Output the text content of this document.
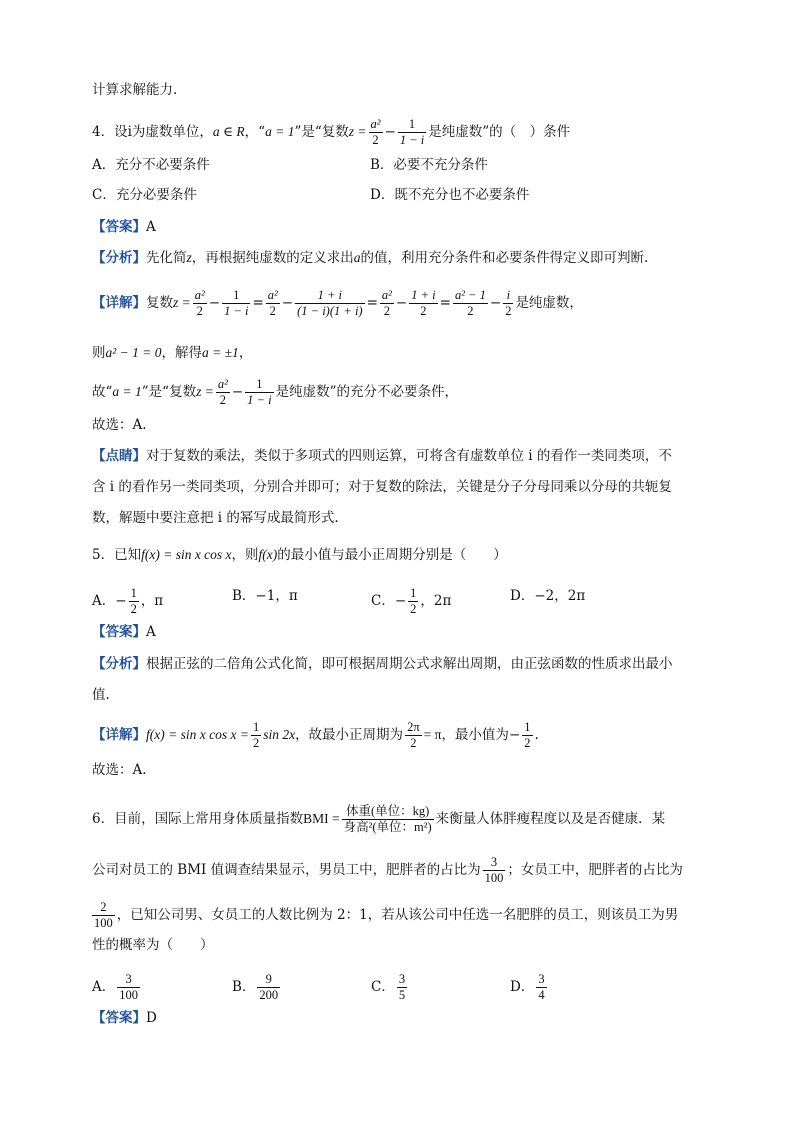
计算求解能力.
4．设i为虚数单位，a ∈ R，“a = 1”是“复数$z = \frac{\text{a²}}{2} - \frac{1}{1 - i}$ 是纯虚数”的（　）条件
A．充分不必要条件	B．必要不充分条件
C．充分必要条件	D．既不充分也不必要条件
【答案】A
【分析】先化简z，再根据纯虚数的定义求出a的值，利用充分条件和必要条件得定义即可判断.
【详解】复数$z = \frac{\text{a²}}{2} - \frac{1}{1 - i} = \frac{\text{a²}}{2} - \frac{1 + i}{(1 - i)(1 + i)} = \frac{\text{a²}}{2} - \frac{1 + i}{2} = \frac{\text{a² − 1}}{2} - \frac{i}{2}$ 是纯虚数，
则a² − 1 = 0，解得a = ±1，
故“a = 1”是“复数$z = \frac{\text{a²}}{2} - \frac{1}{1 - i}$ 是纯虚数”的充分不必要条件，
故选：A.
【点睛】对于复数的乘法，类似于多项式的四则运算，可将含有虚数单位 i 的看作一类同类项，不
含 i 的看作另一类同类项，分别合并即可；对于复数的除法，关键是分子分母同乘以分母的共轭复
数，解题中要注意把 i 的幂写成最简形式.
5．已知f(x) = sin x cos x，则f(x)的最小值与最小正周期分别是（　　）
A．− $\frac{1}{2}$ ，π	B．−1，π	C．− $\frac{1}{2}$ ，2π	D．−2，2π
【答案】A
【分析】根据正弦的二倍角公式化简，即可根据周期公式求解出周期，由正弦函数的性质求出最小
值.
【详解】f(x) = sin x $\cos x = \frac{1}{2}$ sin 2x，故最小正周期为 $\frac{2\pi}{2} = \pi$，最小值为− $\frac{1}{2}$ .
故选：A.
6．目前，国际上常用身体质量指数BMI = $\frac{\text{体重(单位：kg)}}{\text{身高²(单位：m²)}}$ 来衡量人体胖瘦程度以及是否健康．某
公司对员工的 BMI 值调查结果显示，男员工中，肥胖者的占比为 $\frac{3}{100}$ ；女员工中，肥胖者的占比为
$\frac{2}{100}$ ，已知公司男、女员工的人数比例为 2：1，若从该公司中任选一名肥胖的员工，则该员工为男
性的概率为（　　）
A． $\frac{3}{100}$	B． $\frac{9}{200}$	C． $\frac{3}{5}$	D． $\frac{3}{4}$
【答案】D
